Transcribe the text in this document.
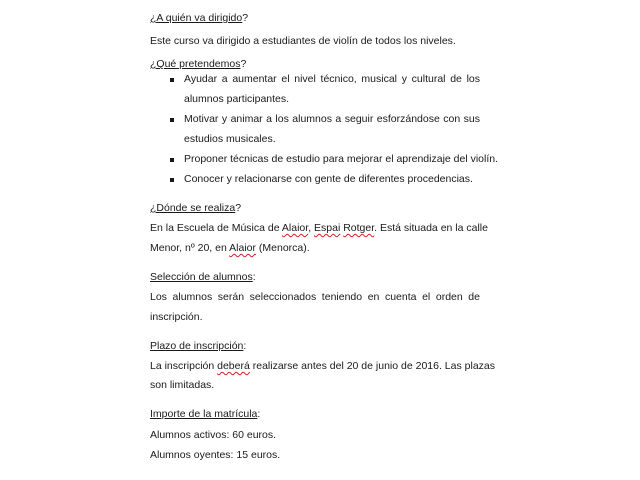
¿A quién va dirigido?
Este curso va dirigido a estudiantes de violín de todos los niveles.
¿Qué pretendemos?
Ayudar a aumentar el nivel técnico, musical y cultural de los
alumnos participantes.
Motivar y animar a los alumnos a seguir esforzándose con sus
estudios musicales.
Proponer técnicas de estudio para mejorar el aprendizaje del violín.
Conocer y relacionarse con gente de diferentes procedencias.
¿Dónde se realiza?
En la Escuela de Música de Alaior, Espai Rotger. Está situada en la calle
Menor, nº 20, en Alaior (Menorca).
Selección de alumnos:
Los alumnos serán seleccionados teniendo en cuenta el orden de
inscripción.
Plazo de inscripción:
La inscripción deberá realizarse antes del 20 de junio de 2016. Las plazas
son limitadas.
Importe de la matrícula:
Alumnos activos: 60 euros.
Alumnos oyentes: 15 euros.
